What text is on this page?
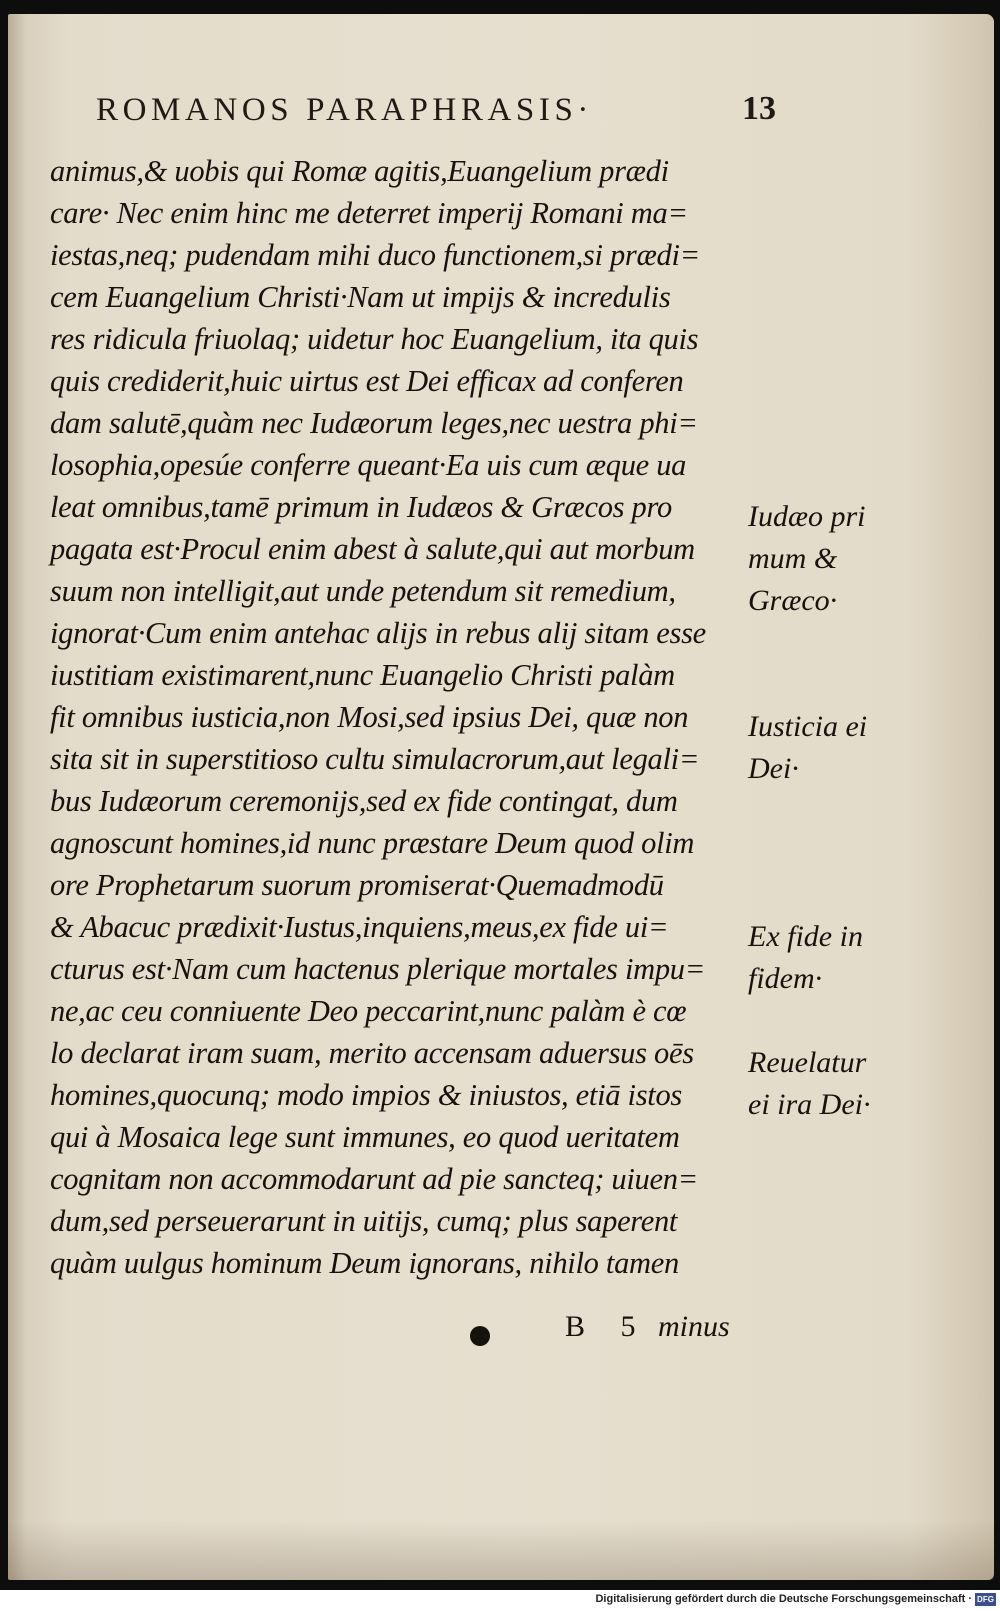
ROMANOS PARAPHRASIS·	13
animus,& uobis qui Romæ agitis,Euangelium prædi
care· Nec enim hinc me deterret imperij Romani ma=
iestas,neq; pudendam mihi duco functionem,si prædi=
cem Euangelium Christi·Nam ut impijs & incredulis
res ridicula friuolaq; uidetur hoc Euangelium, ita quis
quis crediderit,huic uirtus est Dei efficax ad conferen
dam salutē,quàm nec Iudæorum leges,nec uestra phi=
losophia,opesúe conferre queant·Ea uis cum æque ua
leat omnibus,tamē primum in Iudæos & Græcos pro
pagata est·Procul enim abest à salute,qui aut morbum
suum non intelligit,aut unde petendum sit remedium,
ignorat·Cum enim antehac alijs in rebus alij sitam esse
iustitiam existimarent,nunc Euangelio Christi palàm
fit omnibus iusticia,non Mosi,sed ipsius Dei, quæ non
sita sit in superstitioso cultu simulacrorum,aut legali=
bus Iudæorum ceremonijs,sed ex fide contingat, dum
agnoscunt homines,id nunc præstare Deum quod olim
ore Prophetarum suorum promiserat·Quemadmodū
& Abacuc prædixit·Iustus,inquiens,meus,ex fide ui=
cturus est·Nam cum hactenus plerique mortales impu=
ne,ac ceu conniuente Deo peccarint,nunc palàm è cœ
lo declarat iram suam, merito accensam aduersus oēs
homines,quocunq; modo impios & iniustos, etiā istos
qui à Mosaica lege sunt immunes, eo quod ueritatem
cognitam non accommodarunt ad pie sancteq; uiuen=
dum,sed perseuerarunt in uitijs, cumq; plus saperent
quàm uulgus hominum Deum ignorans, nihilo tamen
Iudæo pri
mum &
Græco·
Iusticia ei
Dei·
Ex fide in
fidem·
Reuelatur
ei ira Dei·
B 5 minus
Digitalisierung gefördert durch die Deutsche Forschungsgemeinschaft · DFG
